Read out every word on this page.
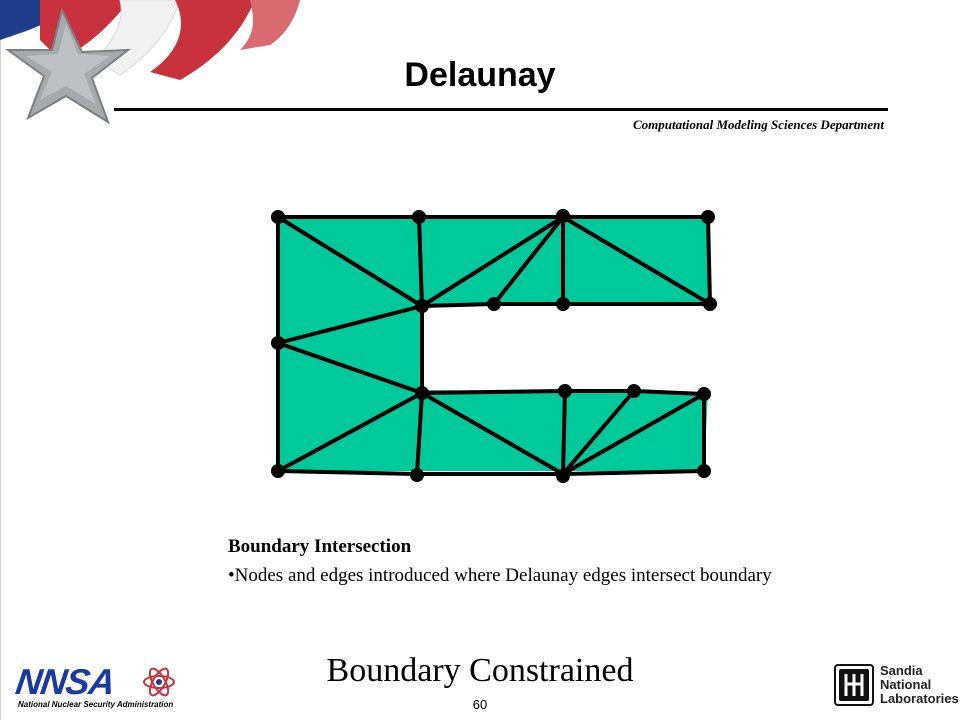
Delaunay
Computational Modeling Sciences Department
Boundary Intersection
•Nodes and edges introduced where Delaunay edges intersect boundary
Boundary Constrained
60
NNSA
National Nuclear Security Administration
Sandia
National
Laboratories
